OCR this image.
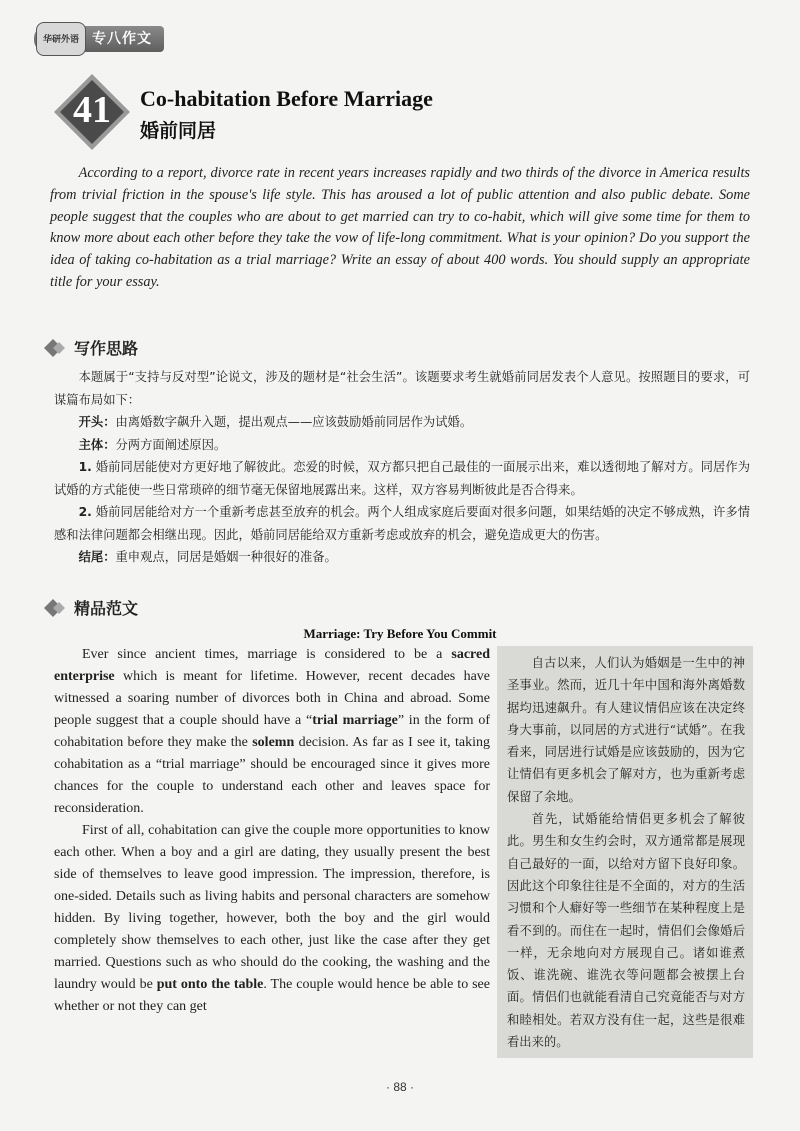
华研外语 专八作文
41	Co-habitation Before Marriage
婚前同居

According to a report, divorce rate in recent years increases rapidly and two thirds of the divorce in America results from trivial friction in the spouse's life style. This has aroused a lot of public attention and also public debate. Some people suggest that the couples who are about to get married can try to co-habit, which will give some time for them to know more about each other before they take the vow of life-long commitment. What is your opinion? Do you support the idea of taking co-habitation as a trial marriage? Write an essay of about 400 words. You should supply an appropriate title for your essay.

写作思路

本题属于“支持与反对型”论说文，涉及的题材是“社会生活”。该题要求考生就婚前同居发表个人意见。按照题目的要求，可谋篇布局如下：

开头：由离婚数字飙升入题，提出观点——应该鼓励婚前同居作为试婚。

主体：分两方面阐述原因。

1. 婚前同居能使对方更好地了解彼此。恋爱的时候，双方都只把自己最佳的一面展示出来，难以透彻地了解对方。同居作为试婚的方式能使一些日常琐碎的细节毫无保留地展露出来。这样，双方容易判断彼此是否合得来。

2. 婚前同居能给对方一个重新考虑甚至放弃的机会。两个人组成家庭后要面对很多问题，如果结婚的决定不够成熟，许多情感和法律问题都会相继出现。因此，婚前同居能给双方重新考虑或放弃的机会，避免造成更大的伤害。

结尾：重申观点，同居是婚姻一种很好的准备。

精品范文
Marriage: Try Before You Commit

Ever since ancient times, marriage is considered to be a sacred enterprise which is meant for lifetime. However, recent decades have witnessed a soaring number of divorces both in China and abroad. Some people suggest that a couple should have a “trial marriage” in the form of cohabitation before they make the solemn decision. As far as I see it, taking cohabitation as a “trial marriage” should be encouraged since it gives more chances for the couple to understand each other and leaves space for reconsideration.

First of all, cohabitation can give the couple more opportunities to know each other. When a boy and a girl are dating, they usually present the best side of themselves to leave good impression. The impression, therefore, is one-sided. Details such as living habits and personal characters are somehow hidden. By living together, however, both the boy and the girl would completely show themselves to each other, just like the case after they get married. Questions such as who should do the cooking, the washing and the laundry would be put onto the table. The couple would hence be able to see whether or not they can get

自古以来，人们认为婚姻是一生中的神圣事业。然而，近几十年中国和海外离婚数据均迅速飙升。有人建议情侣应该在决定终身大事前，以同居的方式进行“试婚”。在我看来，同居进行试婚是应该鼓励的，因为它让情侣有更多机会了解对方，也为重新考虑保留了余地。

首先，试婚能给情侣更多机会了解彼此。男生和女生约会时，双方通常都是展现自己最好的一面，以给对方留下良好印象。因此这个印象往往是不全面的，对方的生活习惯和个人癖好等一些细节在某种程度上是看不到的。而住在一起时，情侣们会像婚后一样，无余地向对方展现自己。诸如谁煮饭、谁洗碗、谁洗衣等问题都会被摆上台面。情侣们也就能看清自己究竟能否与对方和睦相处。若双方没有住一起，这些是很难看出来的。

· 88 ·
